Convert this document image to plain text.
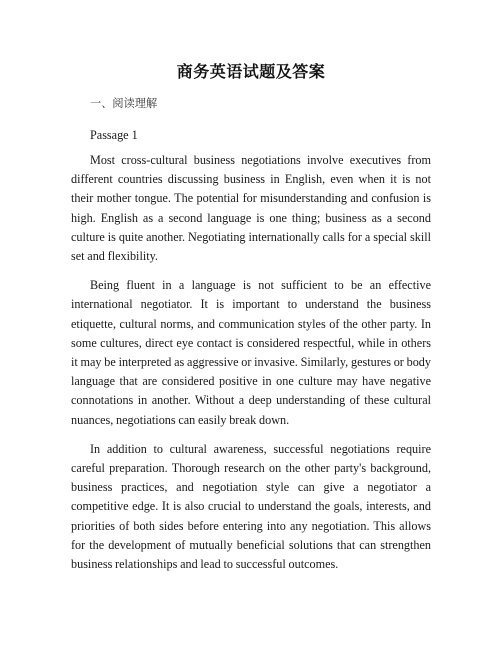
商务英语试题及答案
一、阅读理解
Passage 1

Most cross-cultural business negotiations involve executives from different countries discussing business in English, even when it is not their mother tongue. The potential for misunderstanding and confusion is high. English as a second language is one thing; business as a second culture is quite another. Negotiating internationally calls for a special skill set and flexibility.

Being fluent in a language is not sufficient to be an effective international negotiator. It is important to understand the business etiquette, cultural norms, and communication styles of the other party. In some cultures, direct eye contact is considered respectful, while in others it may be interpreted as aggressive or invasive. Similarly, gestures or body language that are considered positive in one culture may have negative connotations in another. Without a deep understanding of these cultural nuances, negotiations can easily break down.

In addition to cultural awareness, successful negotiations require careful preparation. Thorough research on the other party's background, business practices, and negotiation style can give a negotiator a competitive edge. It is also crucial to understand the goals, interests, and priorities of both sides before entering into any negotiation. This allows for the development of mutually beneficial solutions that can strengthen business relationships and lead to successful outcomes.
